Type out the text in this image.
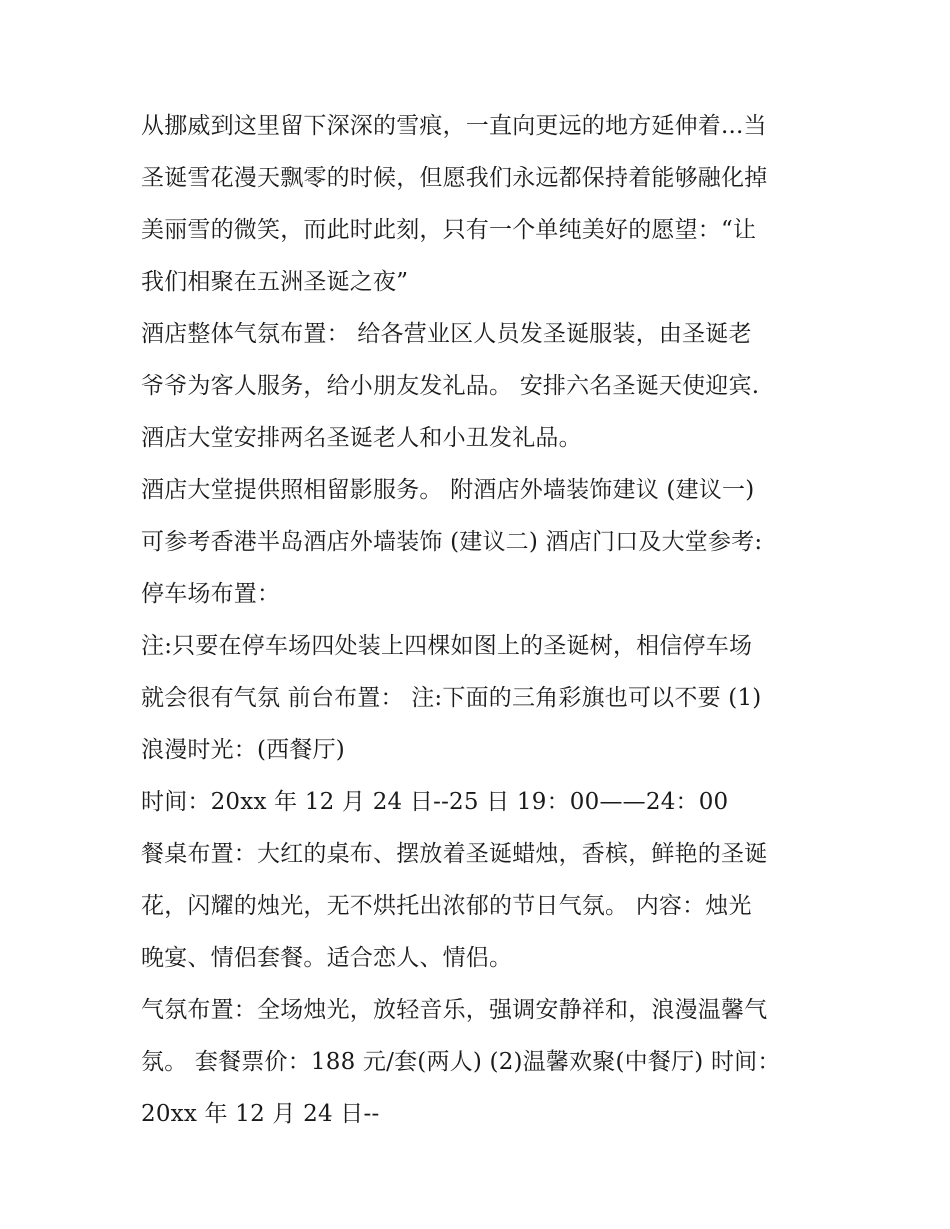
从挪威到这里留下深深的雪痕，一直向更远的地方延伸着...当
圣诞雪花漫天飘零的时候，但愿我们永远都保持着能够融化掉
美丽雪的微笑，而此时此刻，只有一个单纯美好的愿望：“让
我们相聚在五洲圣诞之夜”
酒店整体气氛布置： 给各营业区人员发圣诞服装，由圣诞老
爷爷为客人服务，给小朋友发礼品。 安排六名圣诞天使迎宾.
酒店大堂安排两名圣诞老人和小丑发礼品。
酒店大堂提供照相留影服务。 附酒店外墙装饰建议 (建议一)
可参考香港半岛酒店外墙装饰 (建议二) 酒店门口及大堂参考:
停车场布置：
注:只要在停车场四处装上四棵如图上的圣诞树，相信停车场
就会很有气氛 前台布置： 注:下面的三角彩旗也可以不要 (1)
浪漫时光：(西餐厅)
时间：20xx 年 12 月 24 日--25 日 19：00——24：00
餐桌布置：大红的桌布、摆放着圣诞蜡烛，香槟，鲜艳的圣诞
花，闪耀的烛光，无不烘托出浓郁的节日气氛。 内容：烛光
晚宴、情侣套餐。适合恋人、情侣。
气氛布置：全场烛光，放轻音乐，强调安静祥和，浪漫温馨气
氛。 套餐票价：188 元/套(两人) (2)温馨欢聚(中餐厅) 时间：
20xx 年 12 月 24 日--
